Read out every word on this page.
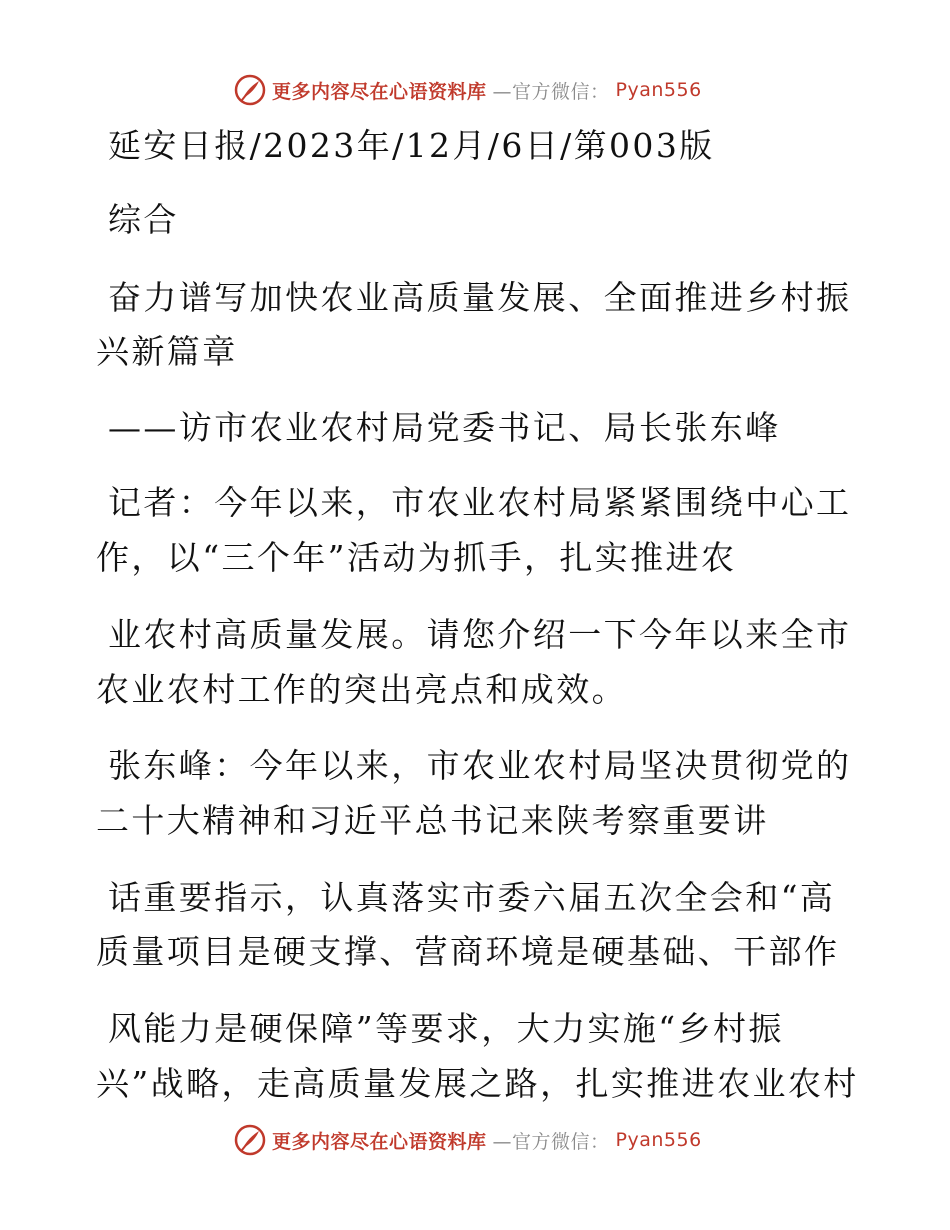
更多内容尽在心语资料库 —官方微信： Pyan556
延安日报/2023年/12月/6日/第003版
综合
奋力谱写加快农业高质量发展、全面推进乡村振
兴新篇章
——访市农业农村局党委书记、局长张东峰
记者：今年以来，市农业农村局紧紧围绕中心工
作，以“三个年”活动为抓手，扎实推进农
业农村高质量发展。请您介绍一下今年以来全市
农业农村工作的突出亮点和成效。
张东峰：今年以来，市农业农村局坚决贯彻党的
二十大精神和习近平总书记来陕考察重要讲
话重要指示，认真落实市委六届五次全会和“高
质量项目是硬支撑、营商环境是硬基础、干部作
风能力是硬保障”等要求，大力实施“乡村振
兴”战略，走高质量发展之路，扎实推进农业农村
更多内容尽在心语资料库 —官方微信： Pyan556
